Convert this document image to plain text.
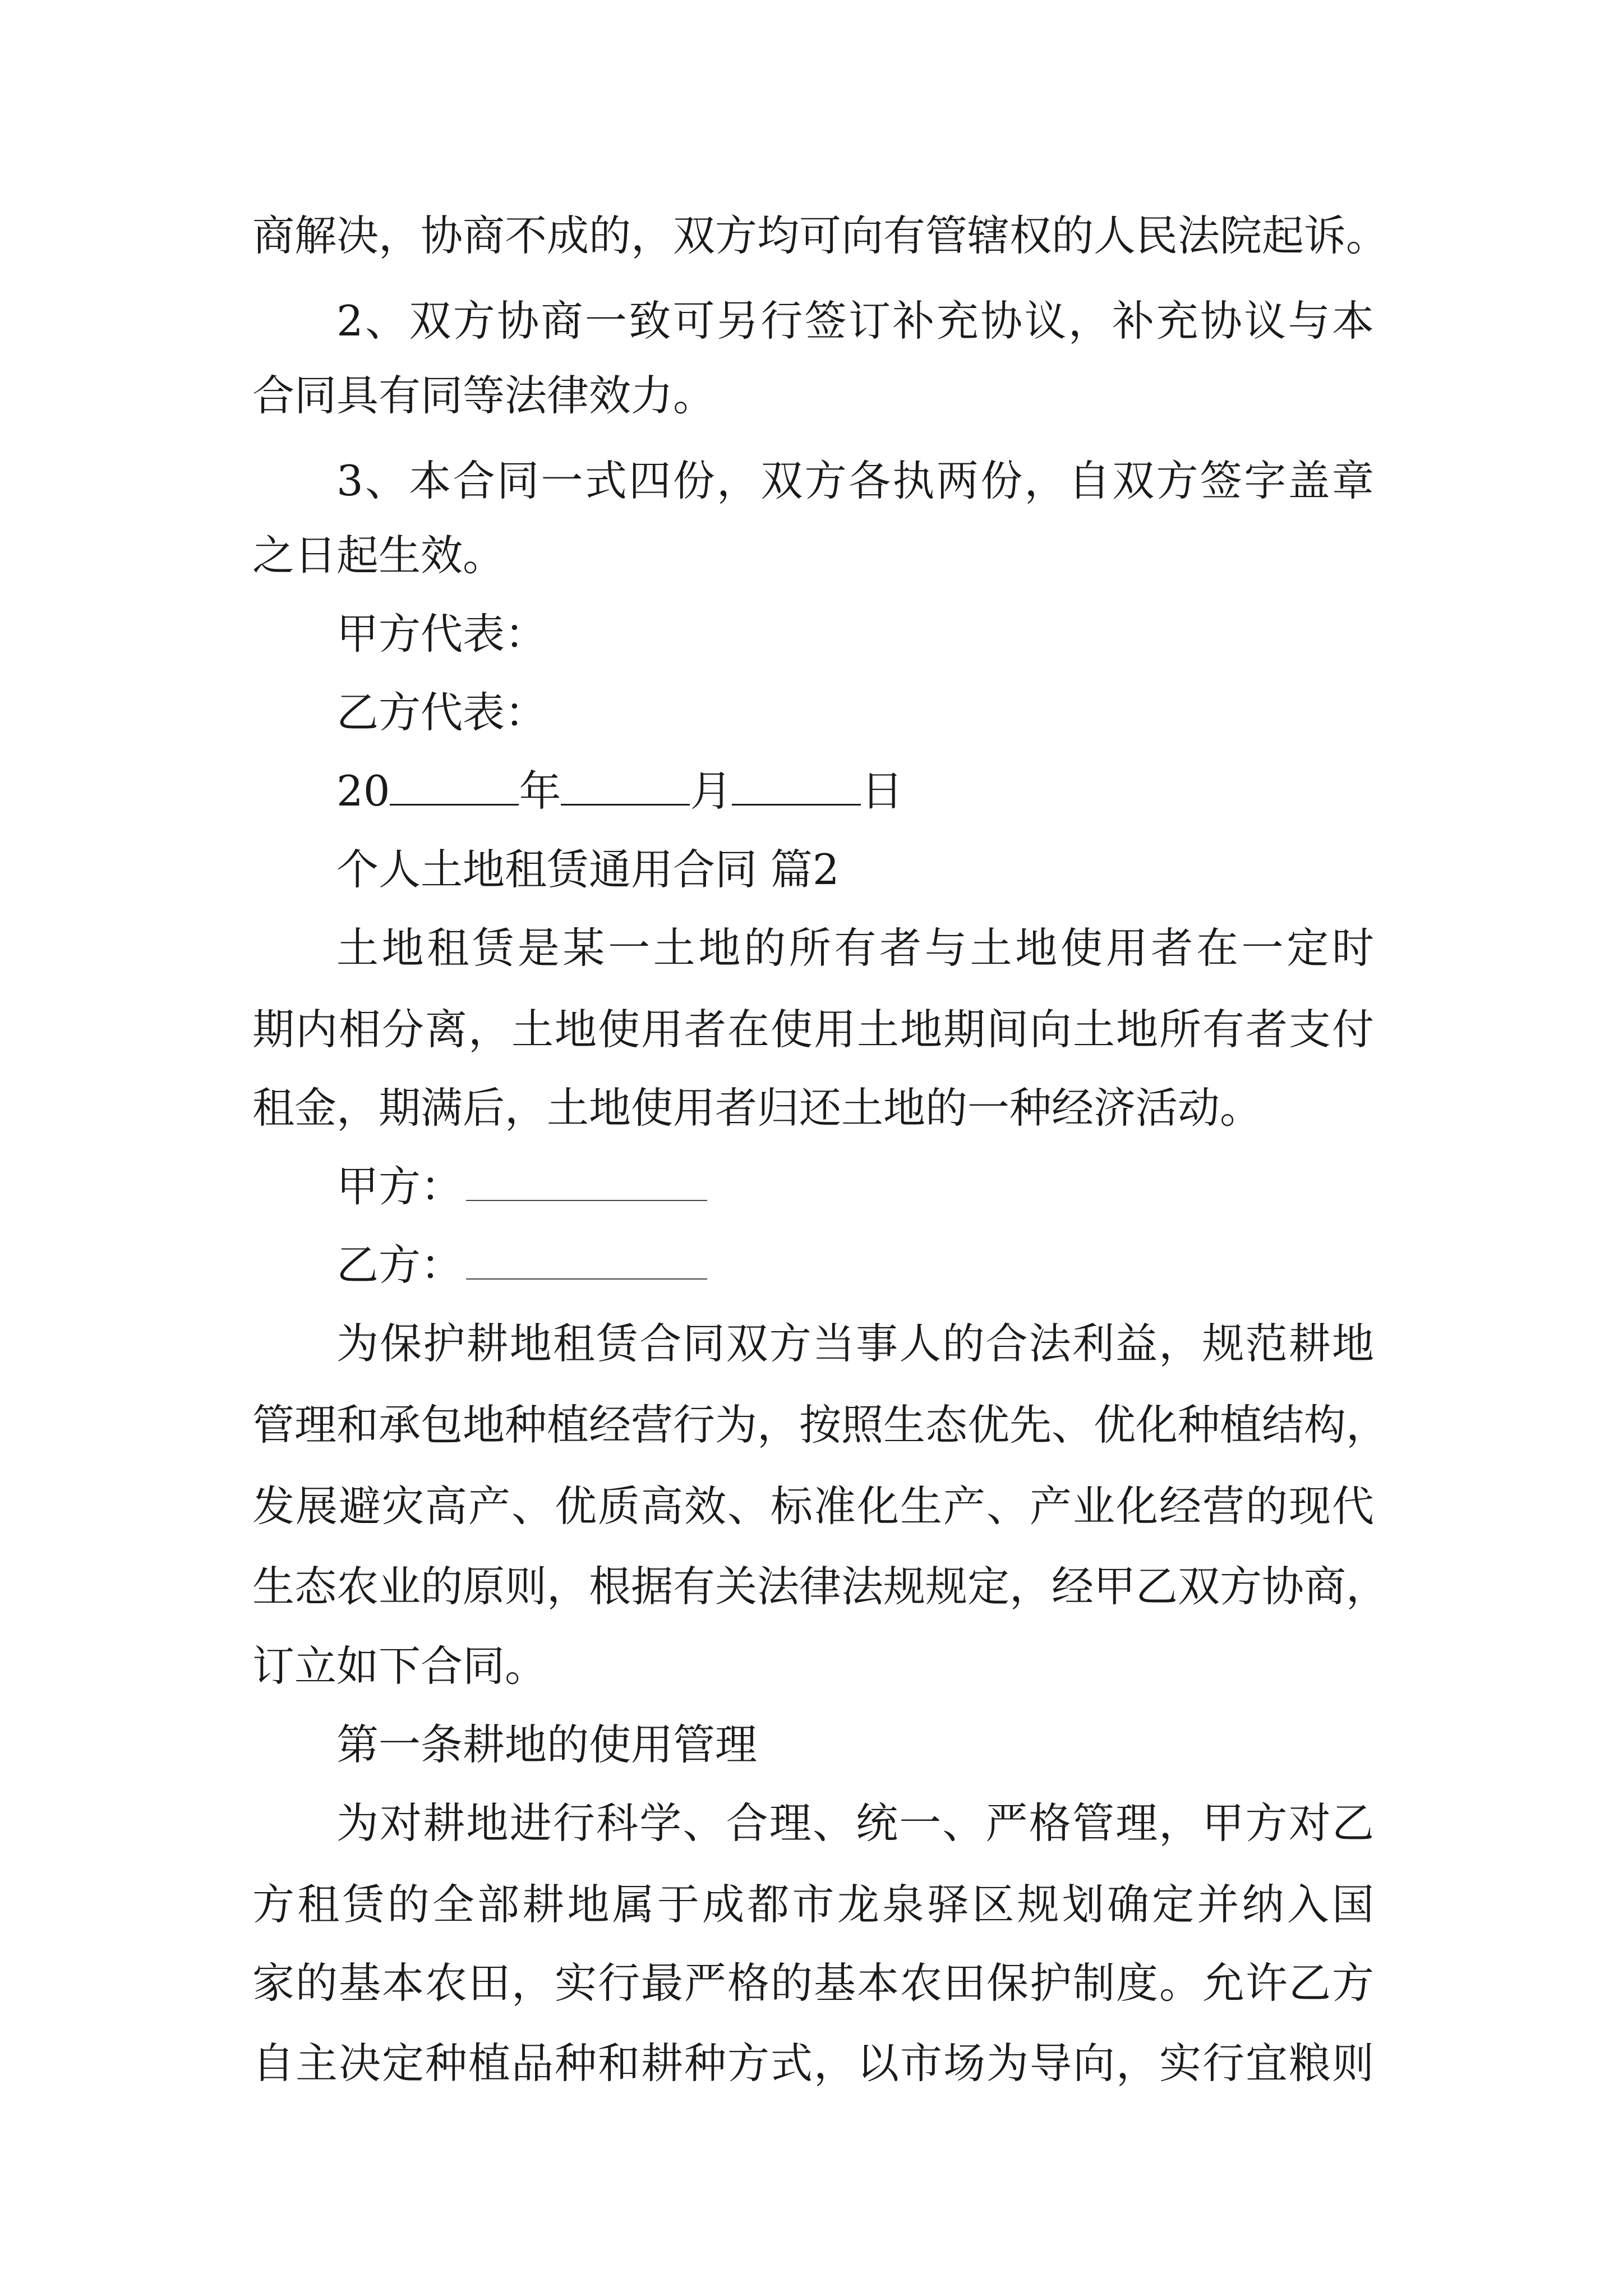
商解决，协商不成的，双方均可向有管辖权的人民法院起诉。
2、双方协商一致可另行签订补充协议，补充协议与本
合同具有同等法律效力。
3、本合同一式四份，双方各执两份，自双方签字盖章
之日起生效。
甲方代表：
乙方代表：
20	年	月	日
个人土地租赁通用合同 篇2
土地租赁是某一土地的所有者与土地使用者在一定时
期内相分离，土地使用者在使用土地期间向土地所有者支付
租金，期满后，土地使用者归还土地的一种经济活动。
甲方：
乙方：
为保护耕地租赁合同双方当事人的合法利益，规范耕地
管理和承包地种植经营行为，按照生态优先、优化种植结构，
发展避灾高产、优质高效、标准化生产、产业化经营的现代
生态农业的原则，根据有关法律法规规定，经甲乙双方协商，
订立如下合同。
第一条耕地的使用管理
为对耕地进行科学、合理、统一、严格管理，甲方对乙
方租赁的全部耕地属于成都市龙泉驿区规划确定并纳入国
家的基本农田，实行最严格的基本农田保护制度。允许乙方
自主决定种植品种和耕种方式，以市场为导向，实行宜粮则
